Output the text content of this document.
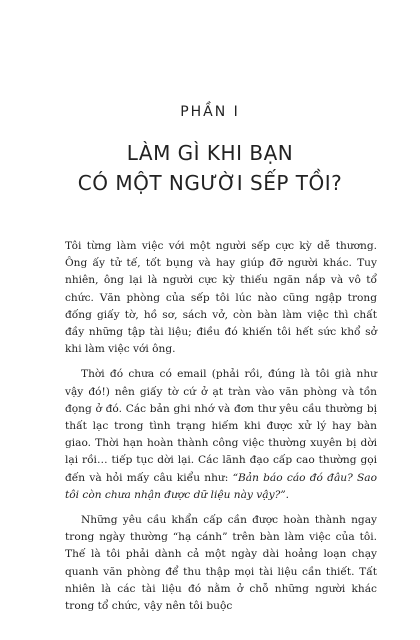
PHẦN I
LÀM GÌ KHI BẠN
CÓ MỘT NGƯỜI SẾP TỒI?

Tôi từng làm việc với một người sếp cực kỳ dễ thương. Ông ấy tử tế, tốt bụng và hay giúp đỡ người khác. Tuy nhiên, ông lại là người cực kỳ thiếu ngăn nắp và vô tổ chức. Văn phòng của sếp tôi lúc nào cũng ngập trong đống giấy tờ, hồ sơ, sách vở, còn bàn làm việc thì chất đầy những tập tài liệu; điều đó khiến tôi hết sức khổ sở khi làm việc với ông.

Thời đó chưa có email (phải rồi, đúng là tôi già như vậy đó!) nên giấy tờ cứ ở ạt tràn vào văn phòng và tồn đọng ở đó. Các bản ghi nhớ và đơn thư yêu cầu thường bị thất lạc trong tình trạng hiếm khi được xử lý hay bàn giao. Thời hạn hoàn thành công việc thường xuyên bị dời lại rồi… tiếp tục dời lại. Các lãnh đạo cấp cao thường gọi đến và hỏi mấy câu kiểu như: “Bản báo cáo đó đâu? Sao tôi còn chưa nhận được dữ liệu này vậy?”.

Những yêu cầu khẩn cấp cần được hoàn thành ngay trong ngày thường “hạ cánh” trên bàn làm việc của tôi. Thế là tôi phải dành cả một ngày dài hoảng loạn chạy quanh văn phòng để thu thập mọi tài liệu cần thiết. Tất nhiên là các tài liệu đó nằm ở chỗ những người khác trong tổ chức, vậy nên tôi buộc
